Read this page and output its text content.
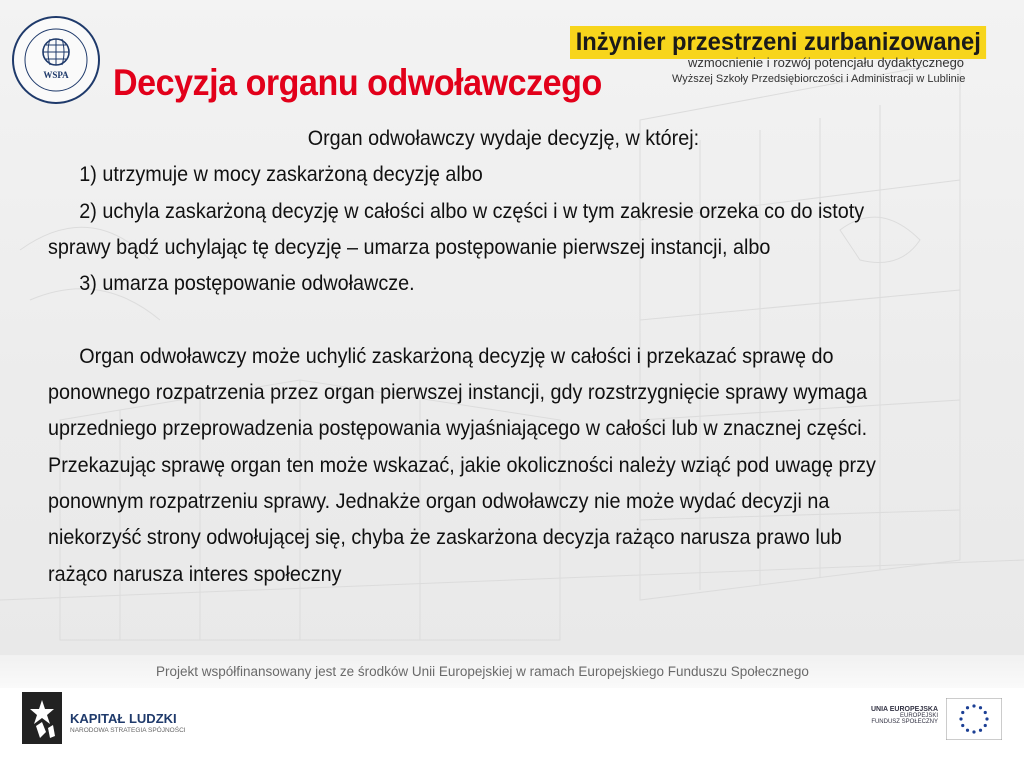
WSPA Decyzja organu odwoławczego
Inżynier przestrzeni zurbanizowanej
wzmocnienie i rozwój potencjału dydaktycznego
Wyższej Szkoły Przedsiębiorczości i Administracji w Lublinie

Organ odwoławczy wydaje decyzję, w której:

1) utrzymuje w mocy zaskarżoną decyzję albo

2) uchyla zaskarżoną decyzję w całości albo w części i w tym zakresie orzeka co do istoty sprawy bądź uchylając tę decyzję – umarza postępowanie pierwszej instancji, albo

3) umarza postępowanie odwoławcze.

Organ odwoławczy może uchylić zaskarżoną decyzję w całości i przekazać sprawę do ponownego rozpatrzenia przez organ pierwszej instancji, gdy rozstrzygnięcie sprawy wymaga uprzedniego przeprowadzenia postępowania wyjaśniającego w całości lub w znacznej części. Przekazując sprawę organ ten może wskazać, jakie okoliczności należy wziąć pod uwagę przy ponownym rozpatrzeniu sprawy. Jednakże organ odwoławczy nie może wydać decyzji na niekorzyść strony odwołującej się, chyba że zaskarżona decyzja rażąco narusza prawo lub rażąco narusza interes społeczny

Projekt współfinansowany jest ze środków Unii Europejskiej w ramach Europejskiego Funduszu Społecznego
KAPITAŁ LUDZKI
NARODOWA STRATEGIA SPÓJNOŚCI
UNIA EUROPEJSKA
EUROPEJSKI
FUNDUSZ SPOŁECZNY
